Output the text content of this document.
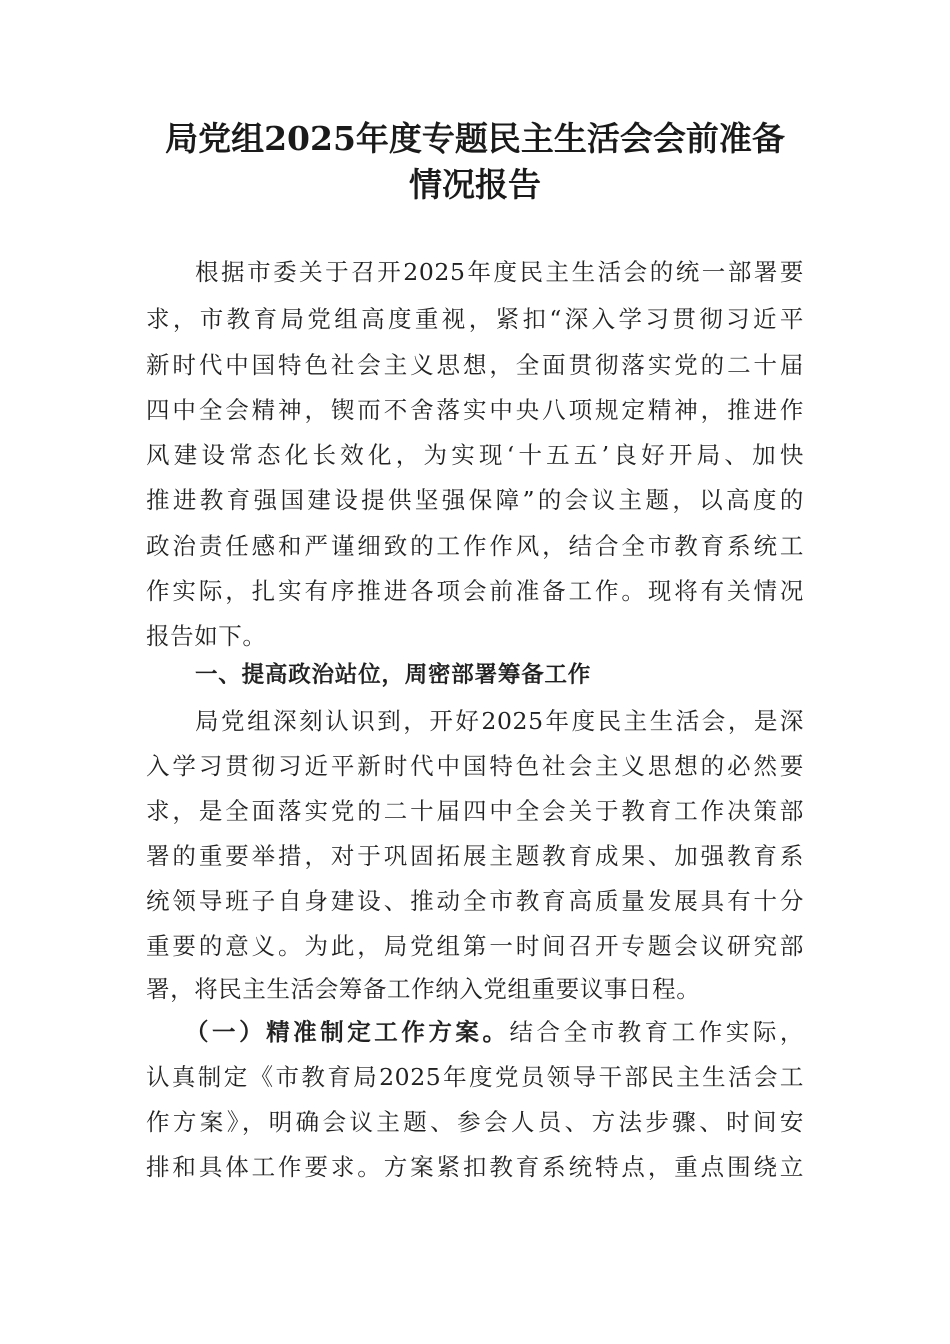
局党组2025年度专题民主生活会会前准备
情况报告
根据市委关于召开2025年度民主生活会的统一部署要
求，市教育局党组高度重视，紧扣“深入学习贯彻习近平
新时代中国特色社会主义思想，全面贯彻落实党的二十届
四中全会精神，锲而不舍落实中央八项规定精神，推进作
风建设常态化长效化，为实现‘十五五’良好开局、加快
推进教育强国建设提供坚强保障”的会议主题，以高度的
政治责任感和严谨细致的工作作风，结合全市教育系统工
作实际，扎实有序推进各项会前准备工作。现将有关情况
报告如下。
一、提高政治站位，周密部署筹备工作
局党组深刻认识到，开好2025年度民主生活会，是深
入学习贯彻习近平新时代中国特色社会主义思想的必然要
求，是全面落实党的二十届四中全会关于教育工作决策部
署的重要举措，对于巩固拓展主题教育成果、加强教育系
统领导班子自身建设、推动全市教育高质量发展具有十分
重要的意义。为此，局党组第一时间召开专题会议研究部
署，将民主生活会筹备工作纳入党组重要议事日程。
（一）精准制定工作方案。结合全市教育工作实际，
认真制定《市教育局2025年度党员领导干部民主生活会工
作方案》，明确会议主题、参会人员、方法步骤、时间安
排和具体工作要求。方案紧扣教育系统特点，重点围绕立
